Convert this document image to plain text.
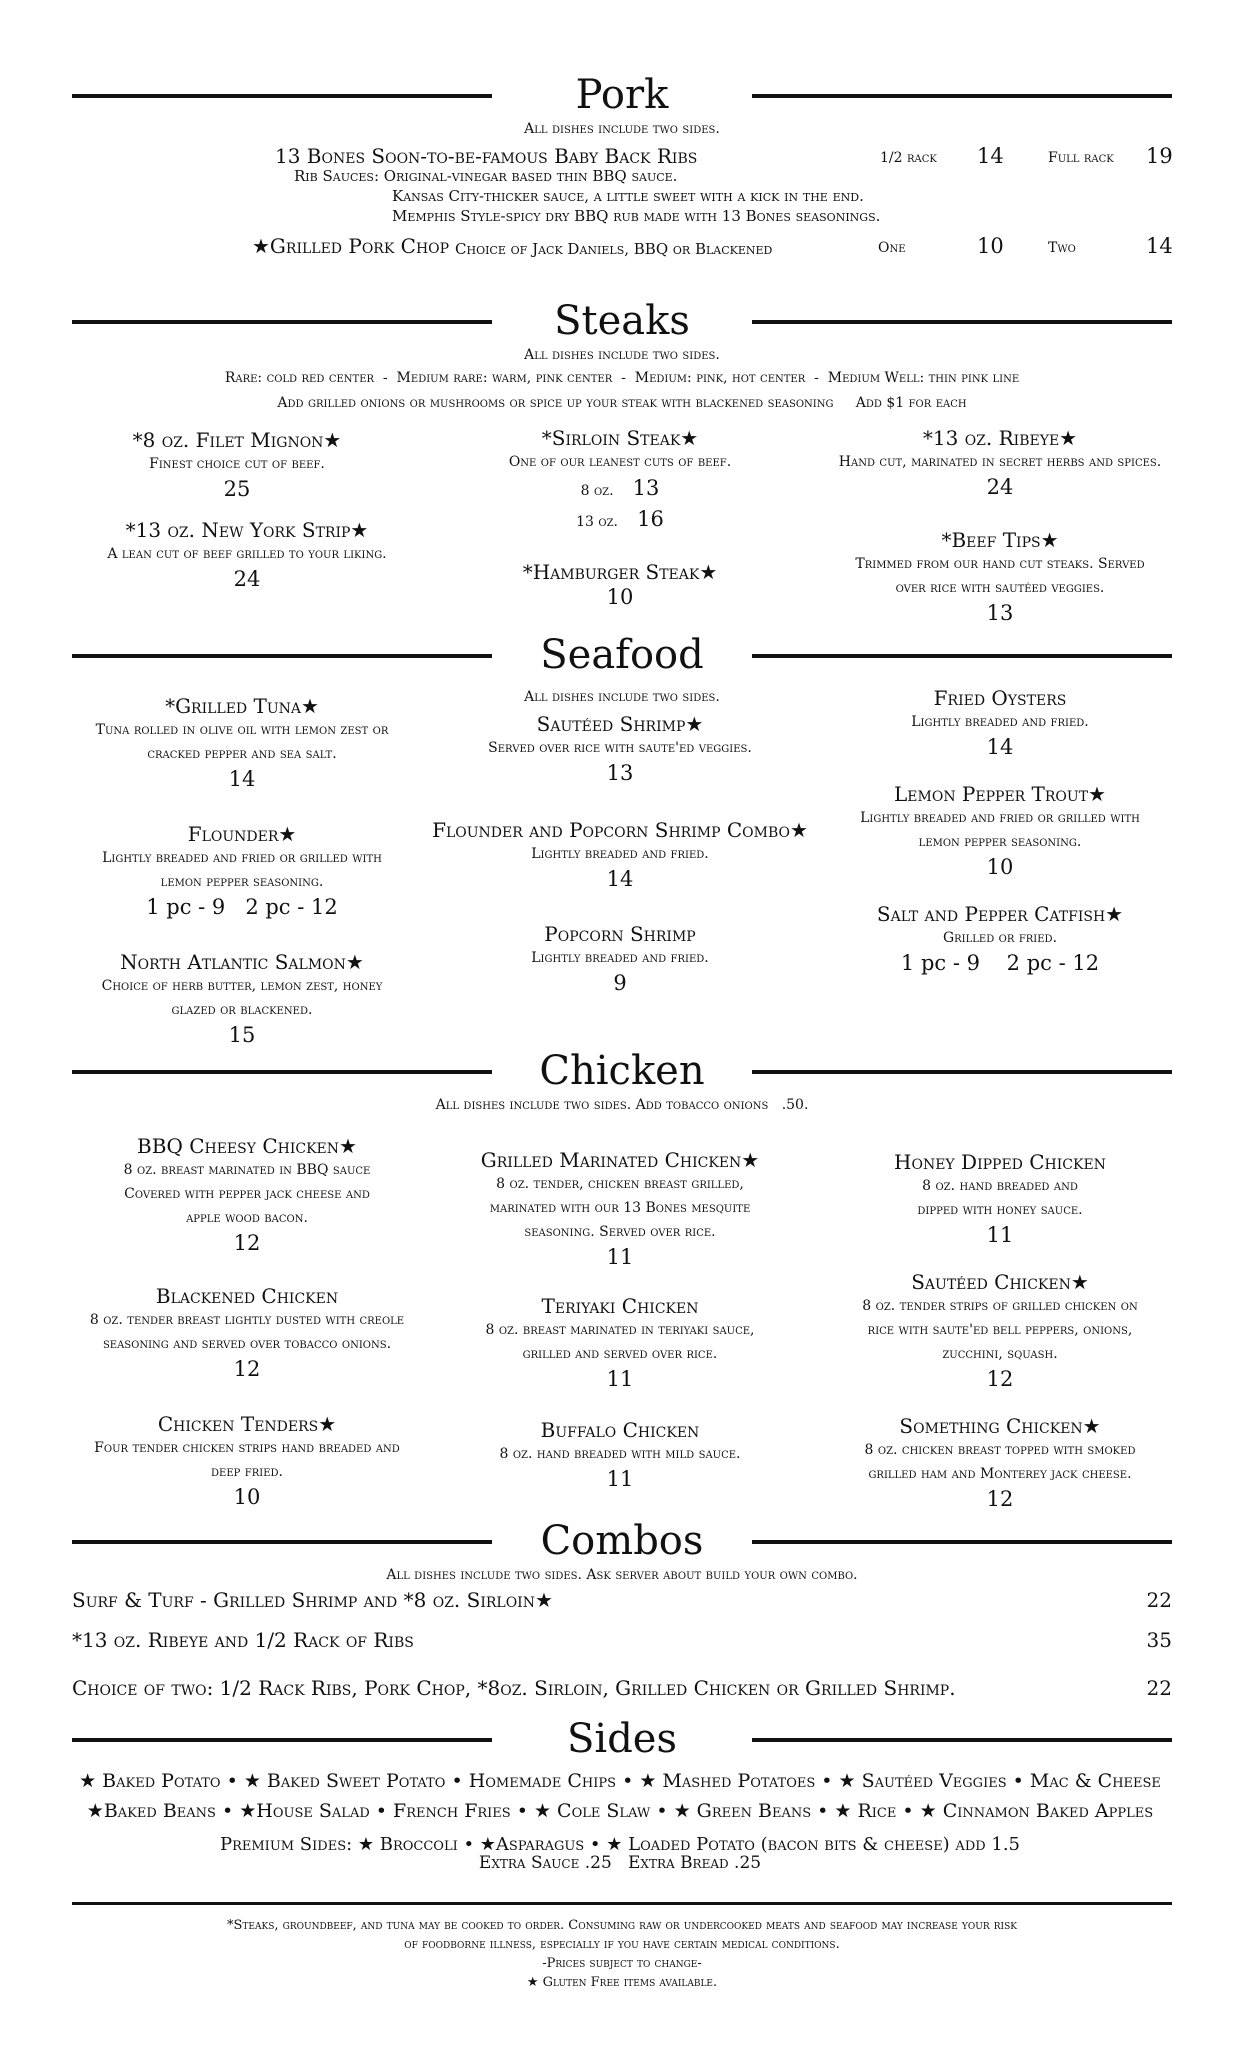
Pork
All dishes include two sides.
13 Bones Soon-to-be-famous Baby Back Ribs	1/2 rack 14	Full rack 19
Rib Sauces: Original-vinegar based thin BBQ sauce.
Kansas City-thicker sauce, a little sweet with a kick in the end.
Memphis Style-spicy dry BBQ rub made with 13 Bones seasonings.
★Grilled Pork Chop Choice of Jack Daniels, BBQ or Blackened	One	10	Two	14
Steaks
All dishes include two sides.
Rare: cold red center  -  Medium rare: warm, pink center  -  Medium: pink, hot center  -  Medium Well: thin pink line
Add grilled onions or mushrooms or spice up your steak with blackened seasoning     Add $1 for each
*8 oz. Filet Mignon★
Finest choice cut of beef.
25
*Sirloin Steak★
One of our leanest cuts of beef.
8 oz. 13
13 oz. 16
*13 oz. Ribeye★
Hand cut, marinated in secret herbs and spices.
24
*13 oz. New York Strip★
A lean cut of beef grilled to your liking.
24	*Hamburger Steak★
10
*Beef Tips★
Trimmed from our hand cut steaks. Served
over rice with sautéed veggies.
13
Seafood
All dishes include two sides.
*Grilled Tuna★
Tuna rolled in olive oil with lemon zest or
cracked pepper and sea salt.
14
Sautéed Shrimp★
Served over rice with saute'ed veggies.
13
Fried Oysters
Lightly breaded and fried.
14
Flounder★
Lightly breaded and fried or grilled with
lemon pepper seasoning.
1 pc - 9   2 pc - 12
Flounder and Popcorn Shrimp Combo★
Lightly breaded and fried.
14
Lemon Pepper Trout★
Lightly breaded and fried or grilled with
lemon pepper seasoning.
10
North Atlantic Salmon★
Choice of herb butter, lemon zest, honey
glazed or blackened.
15
Popcorn Shrimp
Lightly breaded and fried.
9
Salt and Pepper Catfish★
Grilled or fried.
1 pc - 9    2 pc - 12
Chicken
All dishes include two sides. Add tobacco onions   .50.
BBQ Cheesy Chicken★
8 oz. breast marinated in BBQ sauce
Covered with pepper jack cheese and
apple wood bacon.
12
Grilled Marinated Chicken★
8 oz. tender, chicken breast grilled,
marinated with our 13 Bones mesquite
seasoning. Served over rice.
11
Honey Dipped Chicken
8 oz. hand breaded and
dipped with honey sauce.
11
Blackened Chicken
8 oz. tender breast lightly dusted with creole
seasoning and served over tobacco onions.
12
Teriyaki Chicken
8 oz. breast marinated in teriyaki sauce,
grilled and served over rice.
11
Sautéed Chicken★
8 oz. tender strips of grilled chicken on
rice with saute'ed bell peppers, onions,
zucchini, squash.
12
Chicken Tenders★
Four tender chicken strips hand breaded and
deep fried.
10
Buffalo Chicken
8 oz. hand breaded with mild sauce.
11
Something Chicken★
8 oz. chicken breast topped with smoked
grilled ham and Monterey jack cheese.
12
Combos
All dishes include two sides. Ask server about build your own combo.
Surf & Turf - Grilled Shrimp and *8 oz. Sirloin★	22
*13 oz. Ribeye and 1/2 Rack of Ribs	35
Choice of two: 1/2 Rack Ribs, Pork Chop, *8oz. Sirloin, Grilled Chicken or Grilled Shrimp.	22
Sides
★ Baked Potato • ★ Baked Sweet Potato • Homemade Chips • ★ Mashed Potatoes • ★ Sautéed Veggies • Mac & Cheese
★Baked Beans • ★House Salad • French Fries • ★ Cole Slaw • ★ Green Beans • ★ Rice • ★ Cinnamon Baked Apples
Premium Sides: ★ Broccoli • ★Asparagus • ★ Loaded Potato (bacon bits & cheese) add 1.5
Extra Sauce .25   Extra Bread .25
*Steaks, groundbeef, and tuna may be cooked to order. Consuming raw or undercooked meats and seafood may increase your risk
of foodborne illness, especially if you have certain medical conditions.
-Prices subject to change-
★ Gluten Free items available.
